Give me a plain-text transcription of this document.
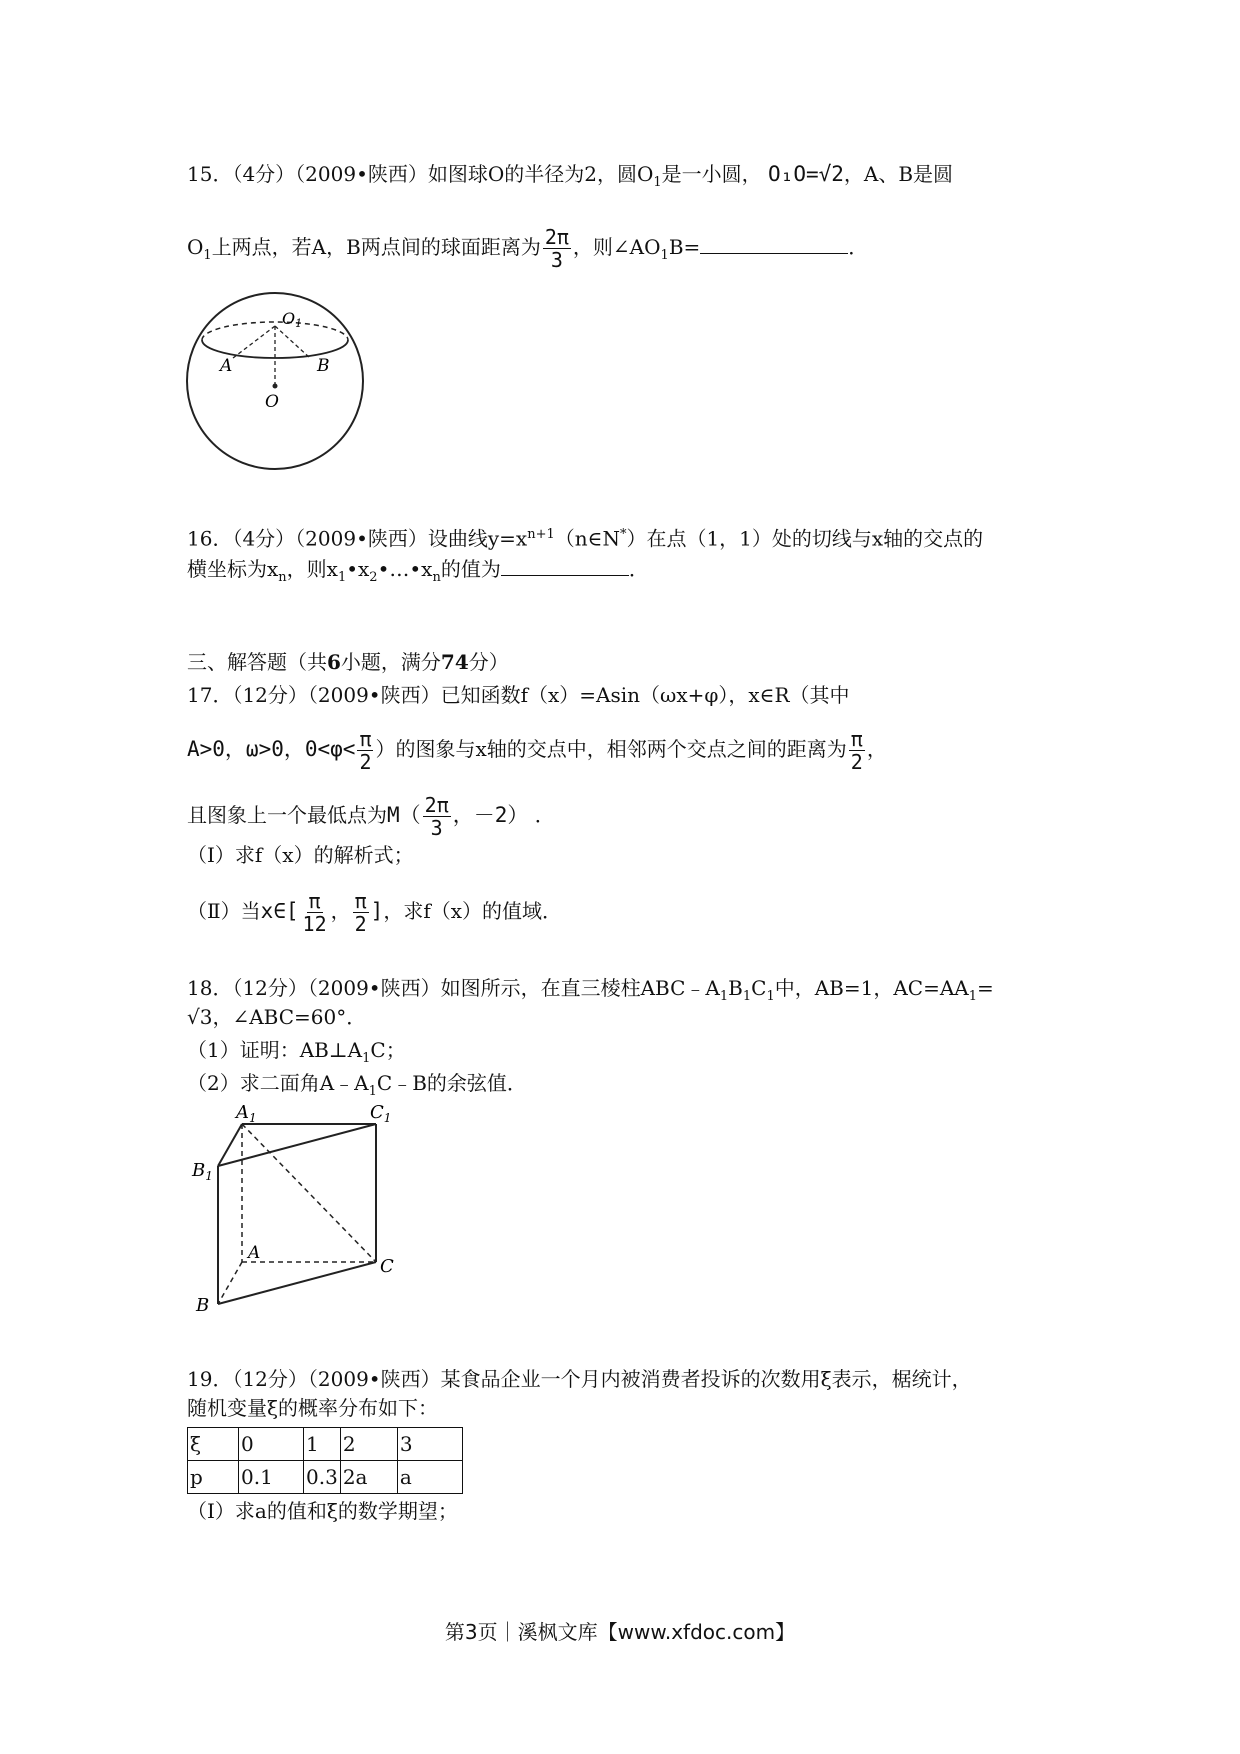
15．（4分）（2009•陕西）如图球O的半径为2，圆$O_1$是一小圆， O₁O=√2，A、B是圆
$O_1$上两点，若A，B两点间的球面距离为 $\frac{2\pi}{3}$ ，则$\angle AO_1B=$	．
O1
A	B
O
16．（4分）（2009•陕西）设曲线$y=x^{n+1}(n\in N^*)$在点（1，1）处的切线与x轴的交点的
横坐标为$x_n$，则$x_1•x_2•\dots•x_n$的值为	．
三、解答题（共6小题，满分74分）
17．（12分）（2009•陕西）已知函数f（x）=Asin（ωx+φ），x∈R（其中
A>0，ω>0，$0<\varphi< \frac{\pi}{2}$ ）的图象与x轴的交点中，相邻两个交点之间的距离为 $\frac{\pi}{2}$ ，
且图象上一个最低点为$M( \frac{2\pi}{3}$ ，－2） ．
（Ⅰ）求f（x）的解析式；
（Ⅱ）当x∈[ $\frac{\pi}{12}$ ， $\frac{\pi}{2}$ ]，求f（x）的值域．
18．（12分）（2009•陕西）如图所示，在直三棱柱$ABC﹣A_1B_1C_1$中，AB=1，$AC=AA_1=$
√3，∠ABC=60°．
（1）证明：$AB\perp A_1C$；
（2）求二面角$A﹣A_1C﹣B$的余弦值．
$A_1$	$C_1$
$B_1$
A
C
B
19．（12分）（2009•陕西）某食品企业一个月内被消费者投诉的次数用ξ表示，椐统计，
随机变量ξ的概率分布如下：
ξ	0	1	2	3
p	0.1	0.3	2a	a
（Ⅰ）求a的值和ξ的数学期望；
第3页｜溪枫文库【www.xfdoc.com】
